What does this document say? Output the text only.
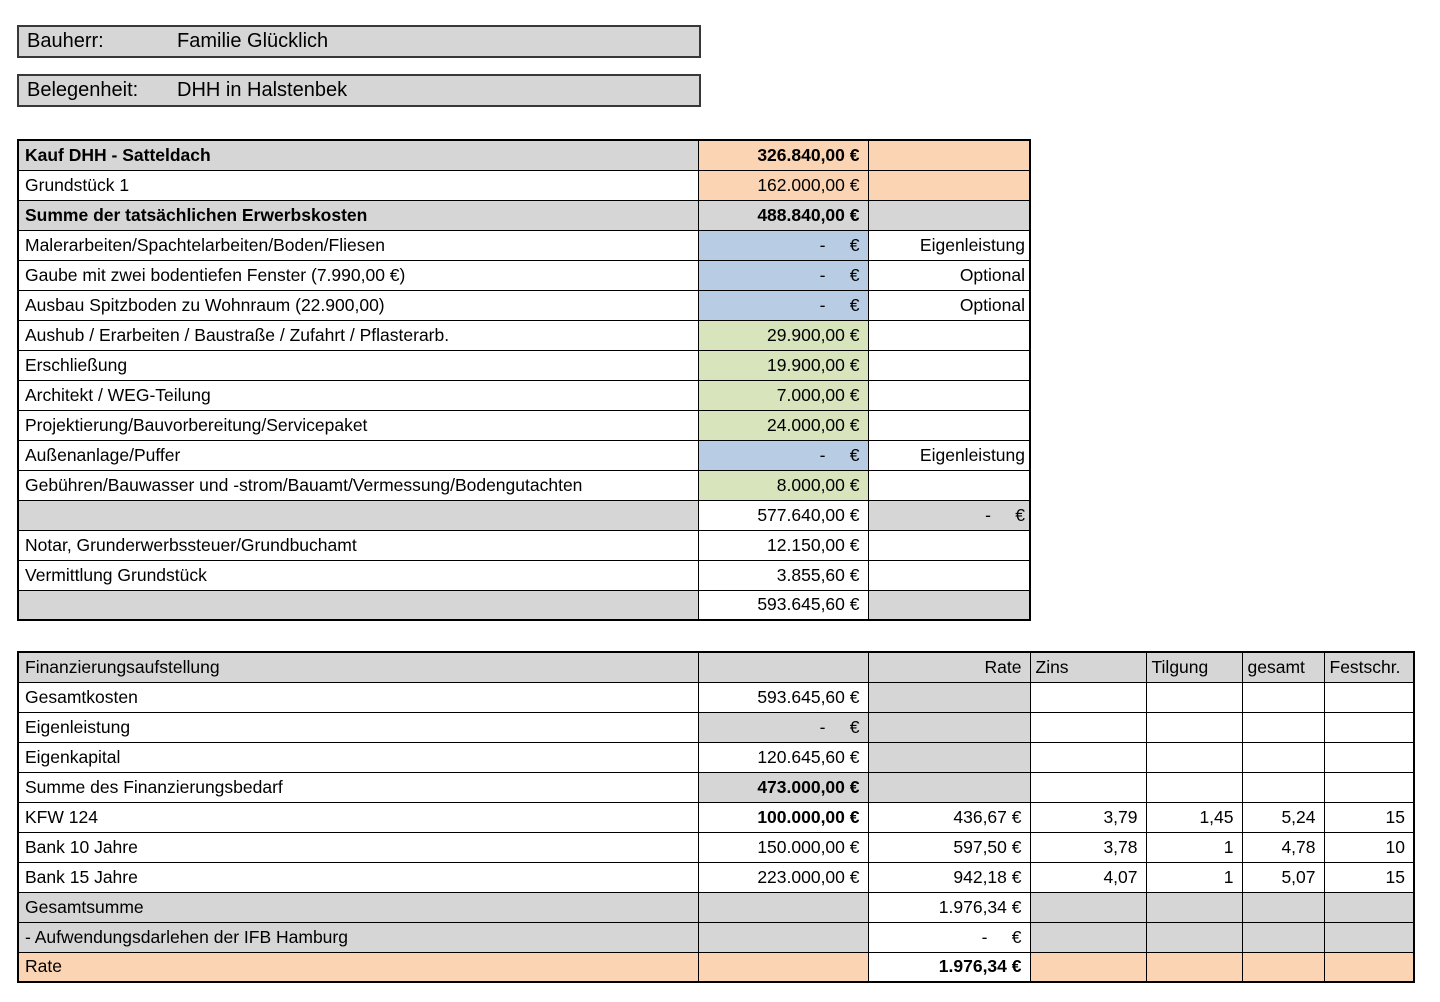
Bauherr:	Familie Glücklich
Belegenheit:	DHH in Halstenbek
Kauf DHH - Satteldach	326.840,00 €	
Grundstück 1	162.000,00 €	
Summe der tatsächlichen Erwerbskosten	488.840,00 €	
Malerarbeiten/Spachtelarbeiten/Boden/Fliesen	-     €	Eigenleistung
Gaube mit zwei bodentiefen Fenster (7.990,00 €)	-     €	Optional
Ausbau Spitzboden zu Wohnraum (22.900,00)	-     €	Optional
Aushub / Erarbeiten / Baustraße / Zufahrt / Pflasterarb.	29.900,00 €	
Erschließung	19.900,00 €	
Architekt / WEG-Teilung	7.000,00 €	
Projektierung/Bauvorbereitung/Servicepaket	24.000,00 €	
Außenanlage/Puffer	-     €	Eigenleistung
Gebühren/Bauwasser und -strom/Bauamt/Vermessung/Bodengutachten	8.000,00 €	
	577.640,00 €	-     €
Notar, Grunderwerbssteuer/Grundbuchamt	12.150,00 €	
Vermittlung Grundstück	3.855,60 €	
	593.645,60 €	
Finanzierungsaufstellung		Rate	Zins	Tilgung	gesamt	Festschr.
Gesamtkosten	593.645,60 €					
Eigenleistung	-     €					
Eigenkapital	120.645,60 €					
Summe des Finanzierungsbedarf	473.000,00 €					
KFW 124	100.000,00 €	436,67 €	3,79	1,45	5,24	15
Bank 10 Jahre	150.000,00 €	597,50 €	3,78	1	4,78	10
Bank 15 Jahre	223.000,00 €	942,18 €	4,07	1	5,07	15
Gesamtsumme		1.976,34 €				
- Aufwendungsdarlehen der IFB Hamburg		-     €				
Rate		1.976,34 €				
